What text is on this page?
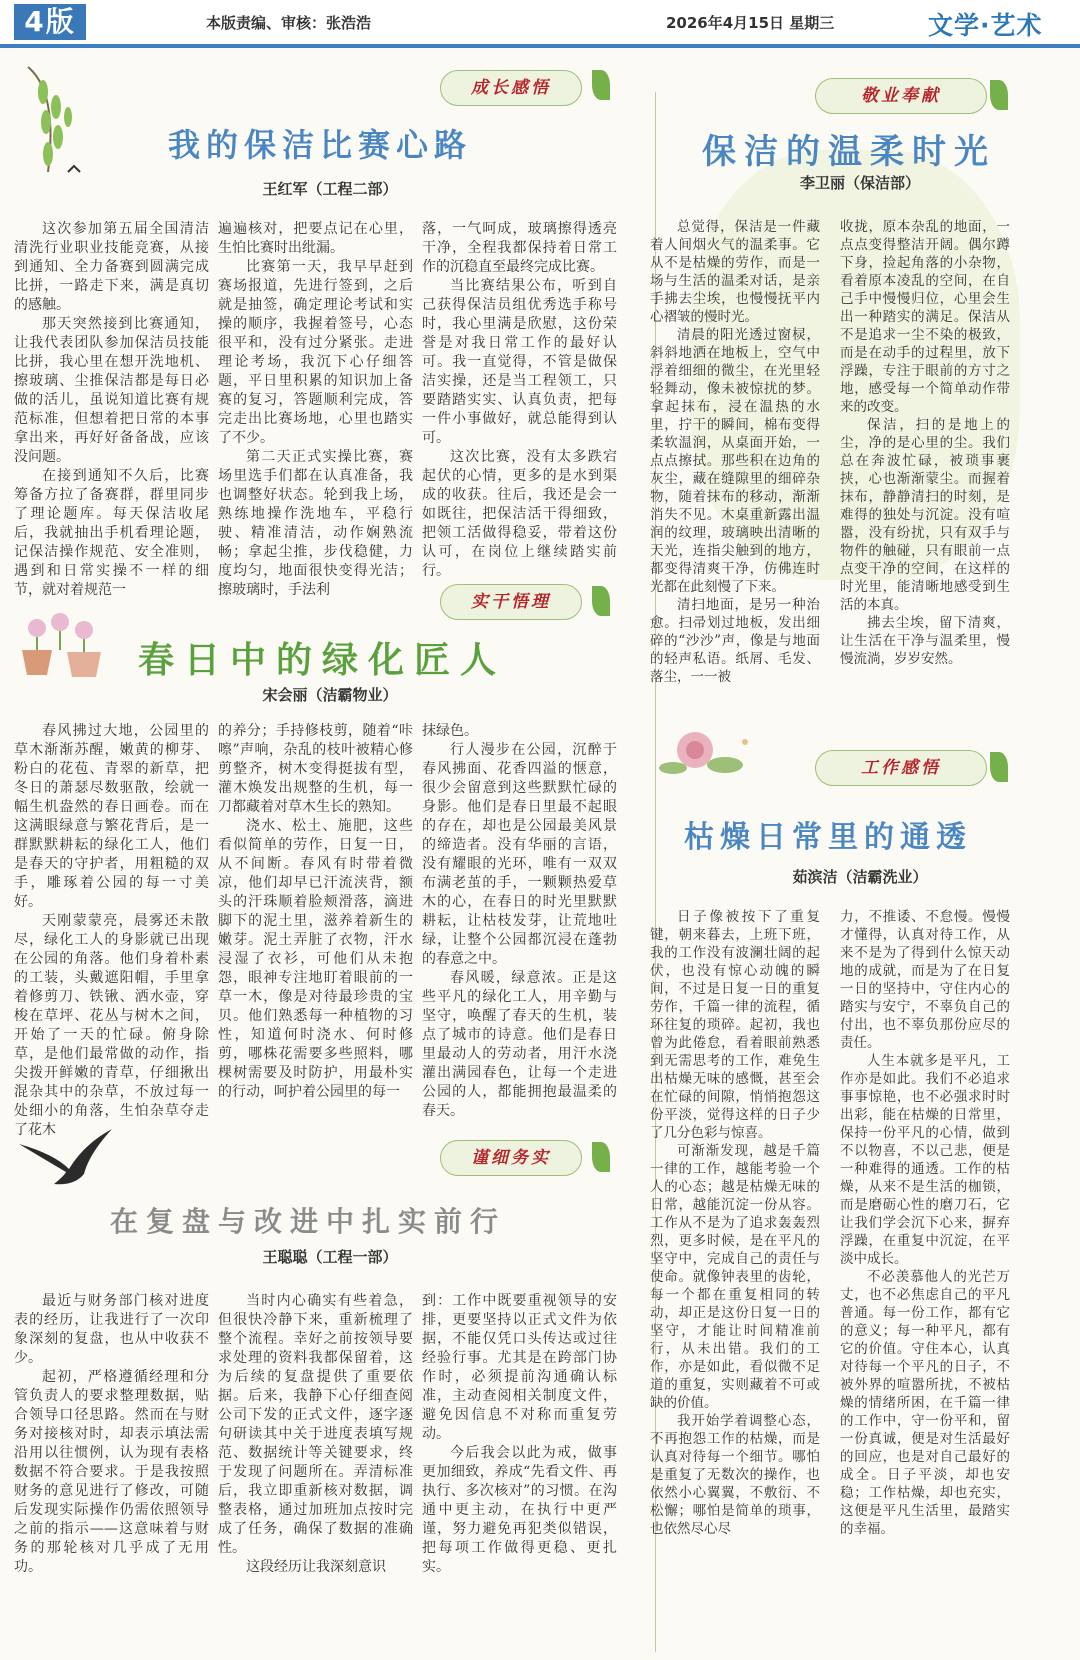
4版	本版责编、审核：张浩浩	2026年4月15日 星期三	文学·艺术
成长感悟
我的保洁比赛心路
王红军（工程二部）

这次参加第五届全国清洁清洗行业职业技能竞赛，从接到通知、全力备赛到圆满完成比拼，一路走下来，满是真切的感触。

那天突然接到比赛通知，让我代表团队参加保洁员技能比拼，我心里在想开洗地机、擦玻璃、尘推保洁都是每日必做的活儿，虽说知道比赛有规范标准，但想着把日常的本事拿出来，再好好备备战，应该没问题。

在接到通知不久后，比赛筹备方拉了备赛群，群里同步了理论题库。每天保洁收尾后，我就抽出手机看理论题，记保洁操作规范、安全准则，遇到和日常实操不一样的细节，就对着规范一

遍遍核对，把要点记在心里，生怕比赛时出纰漏。

比赛第一天，我早早赶到赛场报道，先进行签到，之后就是抽签，确定理论考试和实操的顺序，我握着签号，心态很平和，没有过分紧张。走进理论考场，我沉下心仔细答题，平日里积累的知识加上备赛的复习，答题顺利完成，答完走出比赛场地，心里也踏实了不少。

第二天正式实操比赛，赛场里选手们都在认真准备，我也调整好状态。轮到我上场，熟练地操作洗地车，平稳行驶、精准清洁，动作娴熟流畅；拿起尘推，步伐稳健，力度均匀，地面很快变得光洁；擦玻璃时，手法利

落，一气呵成，玻璃擦得透亮干净，全程我都保持着日常工作的沉稳直至最终完成比赛。

当比赛结果公布，听到自己获得保洁员组优秀选手称号时，我心里满是欣慰，这份荣誉是对我日常工作的最好认可。我一直觉得，不管是做保洁实操，还是当工程领工，只要踏踏实实、认真负责，把每一件小事做好，就总能得到认可。

这次比赛，没有太多跌宕起伏的心情，更多的是水到渠成的收获。往后，我还是会一如既往，把保洁活干得细致，把领工活做得稳妥，带着这份认可，在岗位上继续踏实前行。

实干悟理
春日中的绿化匠人
宋会丽（洁霸物业）

春风拂过大地，公园里的草木渐渐苏醒，嫩黄的柳芽、粉白的花苞、青翠的新草，把冬日的萧瑟尽数驱散，绘就一幅生机盎然的春日画卷。而在这满眼绿意与繁花背后，是一群默默耕耘的绿化工人，他们是春天的守护者，用粗糙的双手，雕琢着公园的每一寸美好。

天刚蒙蒙亮，晨雾还未散尽，绿化工人的身影就已出现在公园的角落。他们身着朴素的工装，头戴遮阳帽，手里拿着修剪刀、铁锹、洒水壶，穿梭在草坪、花丛与树木之间，开始了一天的忙碌。俯身除草，是他们最常做的动作，指尖拨开鲜嫩的青草，仔细揪出混杂其中的杂草，不放过每一处细小的角落，生怕杂草夺走了花木

的养分；手持修枝剪，随着“咔嚓”声响，杂乱的枝叶被精心修剪整齐，树木变得挺拔有型，灌木焕发出规整的生机，每一刀都藏着对草木生长的熟知。

浇水、松土、施肥，这些看似简单的劳作，日复一日，从不间断。春风有时带着微凉，他们却早已汗流浃背，额头的汗珠顺着脸颊滑落，滴进脚下的泥土里，滋养着新生的嫩芽。泥土弄脏了衣物，汗水浸湿了衣衫，可他们从未抱怨，眼神专注地盯着眼前的一草一木，像是对待最珍贵的宝贝。他们熟悉每一种植物的习性，知道何时浇水、何时修剪，哪株花需要多些照料，哪棵树需要及时防护，用最朴实的行动，呵护着公园里的每一

抹绿色。

行人漫步在公园，沉醉于春风拂面、花香四溢的惬意，很少会留意到这些默默忙碌的身影。他们是春日里最不起眼的存在，却也是公园最美风景的缔造者。没有华丽的言语，没有耀眼的光环，唯有一双双布满老茧的手，一颗颗热爱草木的心，在春日的时光里默默耕耘，让枯枝发芽，让荒地吐绿，让整个公园都沉浸在蓬勃的春意之中。

春风暖，绿意浓。正是这些平凡的绿化工人，用辛勤与坚守，唤醒了春天的生机，装点了城市的诗意。他们是春日里最动人的劳动者，用汗水浇灌出满园春色，让每一个走进公园的人，都能拥抱最温柔的春天。

谨细务实
在复盘与改进中扎实前行
王聪聪（工程一部）

最近与财务部门核对进度表的经历，让我进行了一次印象深刻的复盘，也从中收获不少。

起初，严格遵循经理和分管负责人的要求整理数据，贴合领导口径思路。然而在与财务对接核对时，却表示填法需沿用以往惯例，认为现有表格数据不符合要求。于是我按照财务的意见进行了修改，可随后发现实际操作仍需依照领导之前的指示——这意味着与财务的那轮核对几乎成了无用功。

当时内心确实有些着急，但很快冷静下来，重新梳理了整个流程。幸好之前按领导要求处理的资料我都保留着，这为后续的复盘提供了重要依据。后来，我静下心仔细查阅公司下发的正式文件，逐字逐句研读其中关于进度表填写规范、数据统计等关键要求，终于发现了问题所在。弄清标准后，我立即重新核对数据，调整表格，通过加班加点按时完成了任务，确保了数据的准确性。

这段经历让我深刻意识

到：工作中既要重视领导的安排，更要坚持以正式文件为依据，不能仅凭口头传达或过往经验行事。尤其是在跨部门协作时，必须提前沟通确认标准，主动查阅相关制度文件，避免因信息不对称而重复劳动。

今后我会以此为戒，做事更加细致，养成“先看文件、再执行、多次核对”的习惯。在沟通中更主动，在执行中更严谨，努力避免再犯类似错误，把每项工作做得更稳、更扎实。

敬业奉献
保洁的温柔时光
李卫丽（保洁部）

总觉得，保洁是一件藏着人间烟火气的温柔事。它从不是枯燥的劳作，而是一场与生活的温柔对话，是亲手拂去尘埃，也慢慢抚平内心褶皱的慢时光。

清晨的阳光透过窗棂，斜斜地洒在地板上，空气中浮着细细的微尘，在光里轻轻舞动，像未被惊扰的梦。拿起抹布，浸在温热的水里，拧干的瞬间，棉布变得柔软温润，从桌面开始，一点点擦拭。那些积在边角的灰尘，藏在缝隙里的细碎杂物，随着抹布的移动，渐渐消失不见。木桌重新露出温润的纹理，玻璃映出清晰的天光，连指尖触到的地方，都变得清爽干净，仿佛连时光都在此刻慢了下来。

清扫地面，是另一种治愈。扫帚划过地板，发出细碎的“沙沙”声，像是与地面的轻声私语。纸屑、毛发、落尘，一一被

收拢，原本杂乱的地面，一点点变得整洁开阔。偶尔蹲下身，捡起角落的小杂物，看着原本凌乱的空间，在自己手中慢慢归位，心里会生出一种踏实的满足。保洁从不是追求一尘不染的极致，而是在动手的过程里，放下浮躁，专注于眼前的方寸之地，感受每一个简单动作带来的改变。

保洁，扫的是地上的尘，净的是心里的尘。我们总在奔波忙碌，被琐事裹挟，心也渐渐蒙尘。而握着抹布，静静清扫的时刻，是难得的独处与沉淀。没有喧嚣，没有纷扰，只有双手与物件的触碰，只有眼前一点点变干净的空间，在这样的时光里，能清晰地感受到生活的本真。

拂去尘埃，留下清爽，让生活在干净与温柔里，慢慢流淌，岁岁安然。

工作感悟
枯燥日常里的通透
茹滨洁（洁霸洗业）

日子像被按下了重复键，朝来暮去，上班下班，我的工作没有波澜壮阔的起伏，也没有惊心动魄的瞬间，不过是日复一日的重复劳作，千篇一律的流程，循环往复的琐碎。起初，我也曾为此倦怠，看着眼前熟悉到无需思考的工作，难免生出枯燥无味的感慨，甚至会在忙碌的间隙，悄悄抱怨这份平淡，觉得这样的日子少了几分色彩与惊喜。

可渐渐发现，越是千篇一律的工作，越能考验一个人的心态；越是枯燥无味的日常，越能沉淀一份从容。工作从不是为了追求轰轰烈烈，更多时候，是在平凡的坚守中，完成自己的责任与使命。就像钟表里的齿轮，每一个都在重复相同的转动，却正是这份日复一日的坚守，才能让时间精准前行，从未出错。我们的工作，亦是如此，看似微不足道的重复，实则藏着不可或缺的价值。

我开始学着调整心态，不再抱怨工作的枯燥，而是认真对待每一个细节。哪怕是重复了无数次的操作，也依然小心翼翼，不敷衍、不松懈；哪怕是简单的琐事，也依然尽心尽

力，不推诿、不怠慢。慢慢才懂得，认真对待工作，从来不是为了得到什么惊天动地的成就，而是为了在日复一日的坚持中，守住内心的踏实与安宁，不辜负自己的付出，也不辜负那份应尽的责任。

人生本就多是平凡，工作亦是如此。我们不必追求事事惊艳，也不必强求时时出彩，能在枯燥的日常里，保持一份平凡的心情，做到不以物喜，不以己悲，便是一种难得的通透。工作的枯燥，从来不是生活的枷锁，而是磨砺心性的磨刀石，它让我们学会沉下心来，摒弃浮躁，在重复中沉淀，在平淡中成长。

不必羡慕他人的光芒万丈，也不必焦虑自己的平凡普通。每一份工作，都有它的意义；每一种平凡，都有它的价值。守住本心，认真对待每一个平凡的日子，不被外界的喧嚣所扰，不被枯燥的情绪所困，在千篇一律的工作中，守一份平和，留一份真诚，便是对生活最好的回应，也是对自己最好的成全。日子平淡，却也安稳；工作枯燥，却也充实，这便是平凡生活里，最踏实的幸福。
